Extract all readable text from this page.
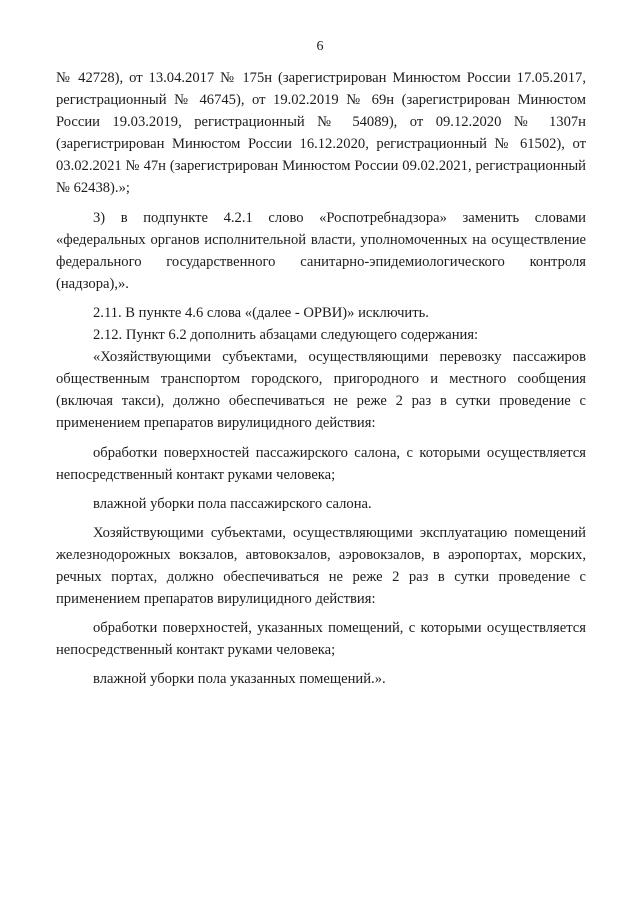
6

№ 42728), от 13.04.2017 № 175н (зарегистрирован Минюстом России 17.05.2017, регистрационный № 46745), от 19.02.2019 № 69н (зарегистрирован Минюстом России 19.03.2019, регистрационный № 54089), от 09.12.2020 № 1307н (зарегистрирован Минюстом России 16.12.2020, регистрационный № 61502), от 03.02.2021 № 47н (зарегистрирован Минюстом России 09.02.2021, регистрационный № 62438).»;

3) в подпункте 4.2.1 слово «Роспотребнадзора» заменить словами «федеральных органов исполнительной власти, уполномоченных на осуществление федерального государственного санитарно-эпидемиологического контроля (надзора),».

2.11. В пункте 4.6 слова «(далее - ОРВИ)» исключить.

2.12. Пункт 6.2 дополнить абзацами следующего содержания:

«Хозяйствующими субъектами, осуществляющими перевозку пассажиров общественным транспортом городского, пригородного и местного сообщения (включая такси), должно обеспечиваться не реже 2 раз в сутки проведение с применением препаратов вирулицидного действия:

обработки поверхностей пассажирского салона, с которыми осуществляется непосредственный контакт руками человека;

влажной уборки пола пассажирского салона.

Хозяйствующими субъектами, осуществляющими эксплуатацию помещений железнодорожных вокзалов, автовокзалов, аэровокзалов, в аэропортах, морских, речных портах, должно обеспечиваться не реже 2 раз в сутки проведение с применением препаратов вирулицидного действия:

обработки поверхностей, указанных помещений, с которыми осуществляется непосредственный контакт руками человека;

влажной уборки пола указанных помещений.».
